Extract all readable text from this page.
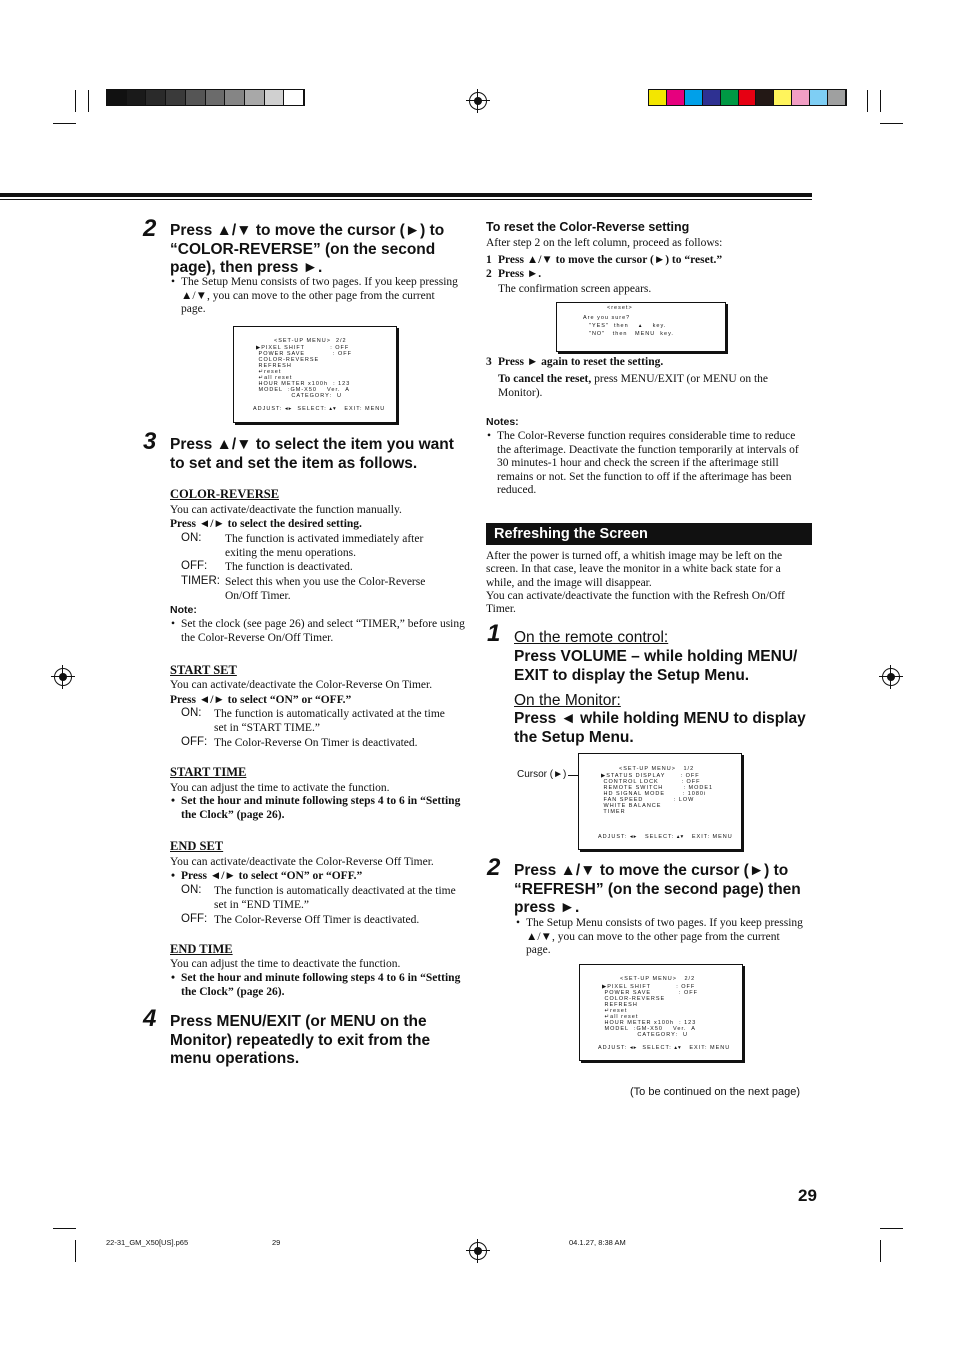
2 Press ▲/▼ to move the cursor (►) to “COLOR-REVERSE” (on the second page), then press ►.
• The Setup Menu consists of two pages. If you keep pressing ▲/▼, you can move to the other page from the current page.
<SET-UP MENU>  2/2
▶PIXEL SHIFT          : OFF
POWER SAVE           : OFF
COLOR-REVERSE
REFRESH
↵reset
↵all reset
HOUR METER x100h  : 123
MODEL  :GM-X50    Ver.  A
CATEGORY:  U
ADJUST: ◂▸  SELECT: ▴▾   EXIT: MENU
3 Press ▲/▼ to select the item you want to set and set the item as follows.
COLOR-REVERSE
You can activate/deactivate the function manually.
Press ◄/► to select the desired setting.
ON: The function is activated immediately after exiting the menu operations.
OFF: The function is deactivated.
TIMER: Select this when you use the Color-Reverse On/Off Timer.
Note:
• Set the clock (see page 26) and select “TIMER,” before using the Color-Reverse On/Off Timer.
START SET
You can activate/deactivate the Color-Reverse On Timer.
Press ◄/► to select “ON” or “OFF.”
ON: The function is automatically activated at the time set in “START TIME.”
OFF: The Color-Reverse On Timer is deactivated.
START TIME
You can adjust the time to activate the function.
• Set the hour and minute following steps 4 to 6 in “Setting the Clock” (page 26).
END SET
You can activate/deactivate the Color-Reverse Off Timer.
• Press ◄/► to select “ON” or “OFF.”
ON: The function is automatically deactivated at the time set in “END TIME.”
OFF: The Color-Reverse Off Timer is deactivated.
END TIME
You can adjust the time to deactivate the function.
• Set the hour and minute following steps 4 to 6 in “Setting the Clock” (page 26).
4 Press MENU/EXIT (or MENU on the Monitor) repeatedly to exit from the menu operations.
To reset the Color-Reverse setting
After step 2 on the left column, proceed as follows:
1 Press ▲/▼ to move the cursor (►) to “reset.”
2 Press ►.
The confirmation screen appears.
<reset>
Are you sure?
"YES"  then    ▴    key.
"NO"   then   MENU  key.
3 Press ► again to reset the setting.
To cancel the reset, press MENU/EXIT (or MENU on the Monitor).
Notes:
• The Color-Reverse function requires considerable time to reduce the afterimage. Deactivate the function temporarily at intervals of 30 minutes-1 hour and check the screen if the afterimage still remains or not. Set the function to off if the afterimage has been reduced.
Refreshing the Screen
After the power is turned off, a whitish image may be left on the screen. In that case, leave the monitor in a white back state for a while, and the image will disappear.
You can activate/deactivate the function with the Refresh On/Off Timer.
1 On the remote control:
Press VOLUME – while holding MENU/ EXIT to display the Setup Menu.
On the Monitor:
Press ◄ while holding MENU to display the Setup Menu.
Cursor (►)	<SET-UP MENU>   1/2
▶STATUS DISPLAY      : OFF
CONTROL LOCK         : OFF
REMOTE SWITCH        : MODE1
HD SIGNAL MODE       : 1080i
FAN SPEED            : LOW
WHITE BALANCE
TIMER
ADJUST: ◂▸   SELECT: ▴▾   EXIT: MENU
2 Press ▲/▼ to move the cursor (►) to “REFRESH” (on the second page) then press ►.
• The Setup Menu consists of two pages. If you keep pressing ▲/▼, you can move to the other page from the current page.
<SET-UP MENU>   2/2
▶PIXEL SHIFT          : OFF
POWER SAVE           : OFF
COLOR-REVERSE
REFRESH
↵reset
↵all reset
HOUR METER x100h  : 123
MODEL  :GM-X50    Ver.  A
CATEGORY:  U
ADJUST: ◂▸  SELECT: ▴▾   EXIT: MENU
(To be continued on the next page)
29
22-31_GM_X50[US].p65	29	04.1.27, 8:38 AM
